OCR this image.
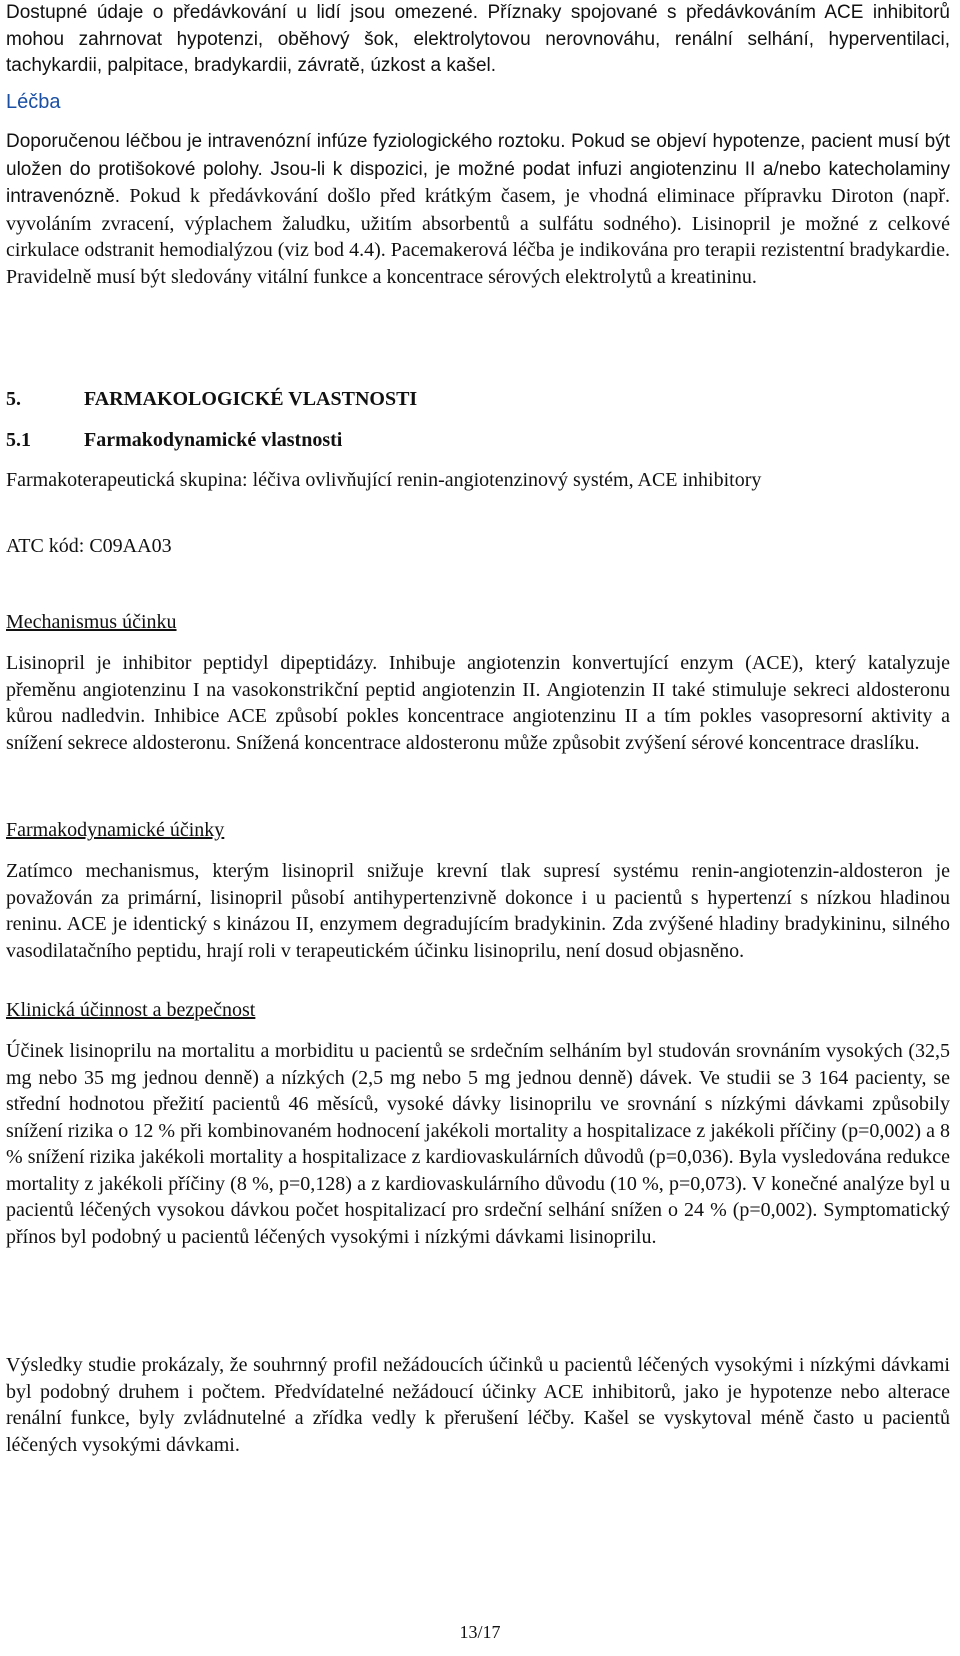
Dostupné údaje o předávkování u lidí jsou omezené. Příznaky spojované s předávkováním ACE inhibitorů mohou zahrnovat hypotenzi, oběhový šok, elektrolytovou nerovnováhu, renální selhání, hyperventilaci, tachykardii, palpitace, bradykardii, závratě, úzkost a kašel.

Léčba

Doporučenou léčbou je intravenózní infúze fyziologického roztoku. Pokud se objeví hypotenze, pacient musí být uložen do protišokové polohy. Jsou-li k dispozici, je možné podat infuzi angiotenzinu II a/nebo katecholaminy intravenózně. Pokud k předávkování došlo před krátkým časem, je vhodná eliminace přípravku Diroton (např. vyvoláním zvracení, výplachem žaludku, užitím absorbentů a sulfátu sodného). Lisinopril je možné z celkové cirkulace odstranit hemodialýzou (viz bod 4.4). Pacemakerová léčba je indikována pro terapii rezistentní bradykardie. Pravidelně musí být sledovány vitální funkce a koncentrace sérových elektrolytů a kreatininu.

5.	FARMAKOLOGICKÉ VLASTNOSTI
5.1	Farmakodynamické vlastnosti

Farmakoterapeutická skupina: léčiva ovlivňující renin-angiotenzinový systém, ACE inhibitory

ATC kód: C09AA03

Mechanismus účinku

Lisinopril je inhibitor peptidyl dipeptidázy. Inhibuje angiotenzin konvertující enzym (ACE), který katalyzuje přeměnu angiotenzinu I na vasokonstrikční peptid angiotenzin II. Angiotenzin II také stimuluje sekreci aldosteronu kůrou nadledvin. Inhibice ACE způsobí pokles koncentrace angiotenzinu II a tím pokles vasopresorní aktivity a snížení sekrece aldosteronu. Snížená koncentrace aldosteronu může způsobit zvýšení sérové koncentrace draslíku.

Farmakodynamické účinky

Zatímco mechanismus, kterým lisinopril snižuje krevní tlak supresí systému renin-angiotenzin-aldosteron je považován za primární, lisinopril působí antihypertenzivně dokonce i u pacientů s hypertenzí s nízkou hladinou reninu. ACE je identický s kinázou II, enzymem degradujícím bradykinin. Zda zvýšené hladiny bradykininu, silného vasodilatačního peptidu, hrají roli v terapeutickém účinku lisinoprilu, není dosud objasněno.

Klinická účinnost a bezpečnost

Účinek lisinoprilu na mortalitu a morbiditu u pacientů se srdečním selháním byl studován srovnáním vysokých (32,5 mg nebo 35 mg jednou denně) a nízkých (2,5 mg nebo 5 mg jednou denně) dávek. Ve studii se 3 164 pacienty, se střední hodnotou přežití pacientů 46 měsíců, vysoké dávky lisinoprilu ve srovnání s nízkými dávkami způsobily snížení rizika o 12 % při kombinovaném hodnocení jakékoli mortality a hospitalizace z jakékoli příčiny (p=0,002) a 8 % snížení rizika jakékoli mortality a hospitalizace z kardiovaskulárních důvodů (p=0,036). Byla vysledována redukce mortality z jakékoli příčiny (8 %, p=0,128) a z kardiovaskulárního důvodu (10 %, p=0,073). V konečné analýze byl u pacientů léčených vysokou dávkou počet hospitalizací pro srdeční selhání snížen o 24 % (p=0,002). Symptomatický přínos byl podobný u pacientů léčených vysokými i nízkými dávkami lisinoprilu.

Výsledky studie prokázaly, že souhrnný profil nežádoucích účinků u pacientů léčených vysokými i nízkými dávkami byl podobný druhem i počtem. Předvídatelné nežádoucí účinky ACE inhibitorů, jako je hypotenze nebo alterace renální funkce, byly zvládnutelné a zřídka vedly k přerušení léčby. Kašel se vyskytoval méně často u pacientů léčených vysokými dávkami.

13/17
